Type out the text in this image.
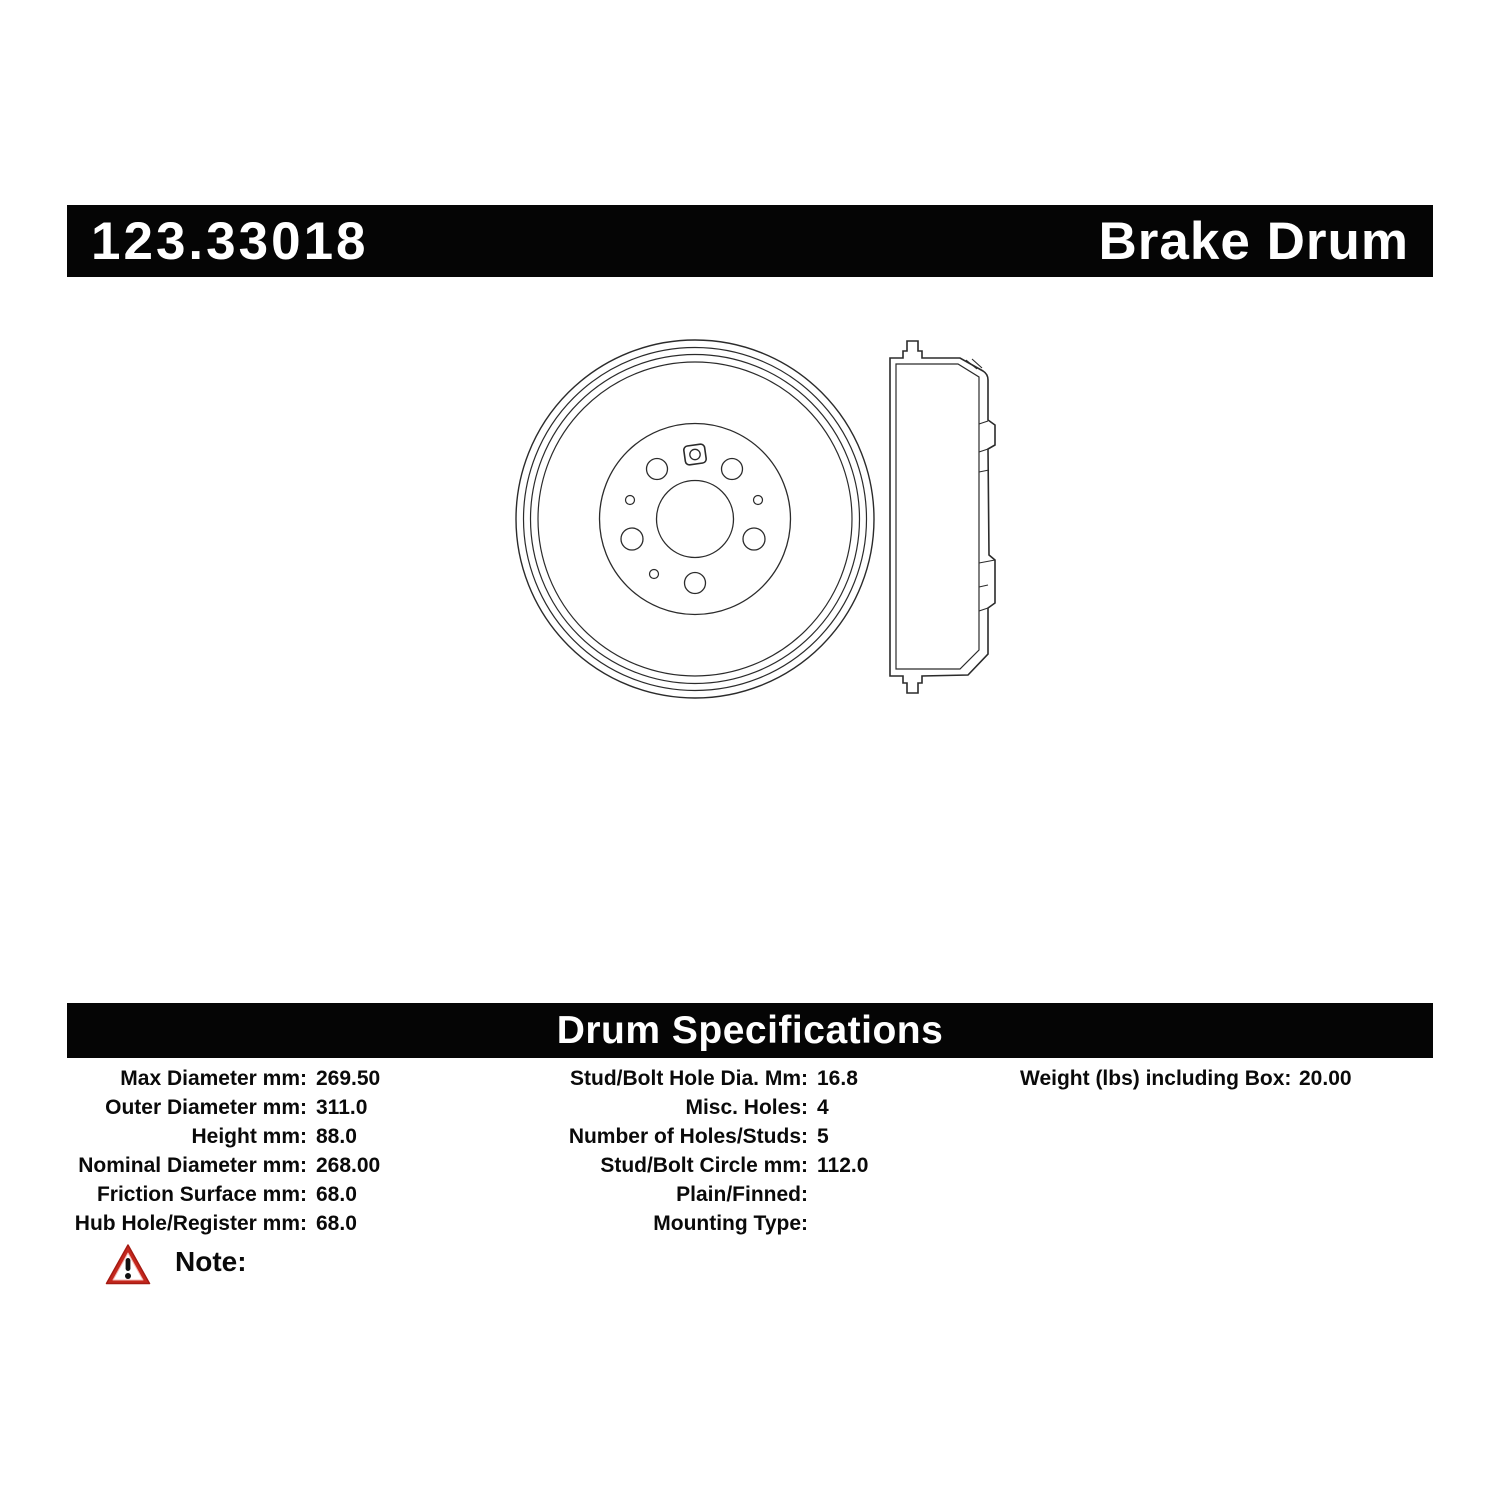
123.33018	Brake Drum
Drum Specifications
Max Diameter mm: 269.50
Outer Diameter mm: 311.0
Height mm: 88.0
Nominal Diameter mm: 268.00
Friction Surface mm: 68.0
Hub Hole/Register mm: 68.0
Stud/Bolt Hole Dia. Mm: 16.8
Misc. Holes: 4
Number of Holes/Studs: 5
Stud/Bolt Circle mm: 112.0
Plain/Finned:
Mounting Type:
Weight (lbs) including Box: 20.00
Note:
